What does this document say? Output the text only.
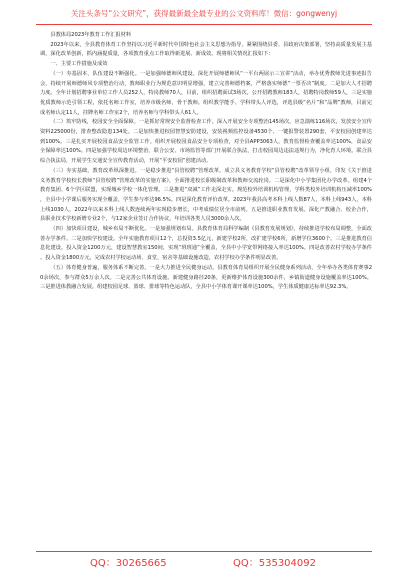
关注头条号“公文研究”，获得最新最全最专业的公文资料库！微信：gongwenyj

县教体局2023年教育工作汇报材料

2023年以来，全县教育体育工作坚持以习近平新时代中国特色社会主义思想为指导，紧紧围绕县委、县政府决策部署，坚持高质量发展主基调，深化改革创新，抓内涵提质量，各项教育重点工作取得新进展、新成效。现将相关情况汇报如下：

一、主要工作措施及成效

（一）夯基固本，队伍建设不断强化。一是加强师德师风建设。深化开展师德师风“一平台两展示三宣讲”活动，举办优秀教师先进事迹报告会，持续开展师德师风专项整治行动，教师职业行为规范意识明显增强，建立完善师德档案，严格落实师德“一票否决”制度。二是加大人才招聘力度。全年计划招聘事业单位工作人员252人，特岗教师70人，目前，组织招聘面试3场次，公开招聘教师183人，招聘特岗教师59人，三是实施优质教师示范引领工程，依托名师工作室，培养市级名师，骨干教师。组织教学能手、学科带头人评选，评选县级“名片”和“品牌”教师，目前完成名师认定11人，挂牌名师工作室2个，培养名师与学科带头人61人。

（二）筑牢防线，校园安全全面保障。一是抓好常规安全监督检查工作。深入开展安全专项整治145场次，应急演练116场次，发放安全宣传资料225000份，排查整改隐患134处。二是加快推进校园智慧安防建设，安装视频监控设备4530个、一键报警装置290套，平安校园创建率达到100%。三是扎实开展校园食品安全监管工作。组织开展校园食品安全专项检查，对全县APP3063人，教育监督检查覆盖率达100%，食品安全保障率达100%。四是加强学校周边环境整治，联合公安、市场监管等部门开展联合执法，打击校园周边违法违规行为，净化育人环境。联合县综合执法局，开展学生交通安全宣传教育活动，开展“平安校园”创建活动。

（三）夯实基础，教育改革纵深推进。一是稳步推进“县管校聘”管理改革。成立县义务教育学校“县管校聘”改革领导小组，印发《关于推进义务教育学校校长教师“县管校聘”管理改革的实施方案》，全面推进校长职级制改革和教师交流轮岗。二是深化中小学集团化办学改革。组建4个教育集团、6个学区联盟，实现城乡学校一体化管理。三是推进“双减”工作走深走实。规范校外培训机构管理，学科类校外培训机构压减率100%，全县中小学课后服务实现全覆盖，学生参与率达96.5%。四是深化教育评价改革。2023年我县高考本科上线人数87人，本科上线943人，本科上线1030人，2022年以来本科上线人数连续两年实现稳步增长，中考成绩位居全市前列。五是推进职业教育发展。深化产教融合、校企合作，县职业技术学校新增专业2个，与12家企业签订合作协议，年培训各类人员3000余人次。

（四）加快项目建设，城乡布局不断优化。一是加强规划布局。县教育体育局科学编制《县教育发展规划》，持续推进学校布局调整，全面改善办学条件。二是加快学校建设。全年实施教育项目12个，总投资3.5亿元，新建学校2所，改扩建学校6所，新增学位3600个。三是推进教育信息化建设。投入资金1200万元，建设智慧教室150间，实现“班班通”全覆盖，全县中小学宽带网络接入率达100%。四是改善农村学校办学条件。投入资金1800万元，完成农村学校运动场、食堂、宿舍等基础设施改造，农村学校办学条件明显改善。

（五）体育健身普遍，服务体系不断完善。一是大力推进全民健身运动。县教育体育局组织开展全民健身系列活动，全年举办各类体育赛事20余场次，参与群众5万余人次。二是完善公共体育设施。新建健身路径20条，更新维护体育设施300余件，乡镇街道健身设施覆盖率达100%。三是推进体教融合发展。组建校园足球、篮球、排球等特色运动队，全县中小学体育课开课率达100%，学生体质健康达标率达92.3%。

QQ：30265665	QQ：535304092
